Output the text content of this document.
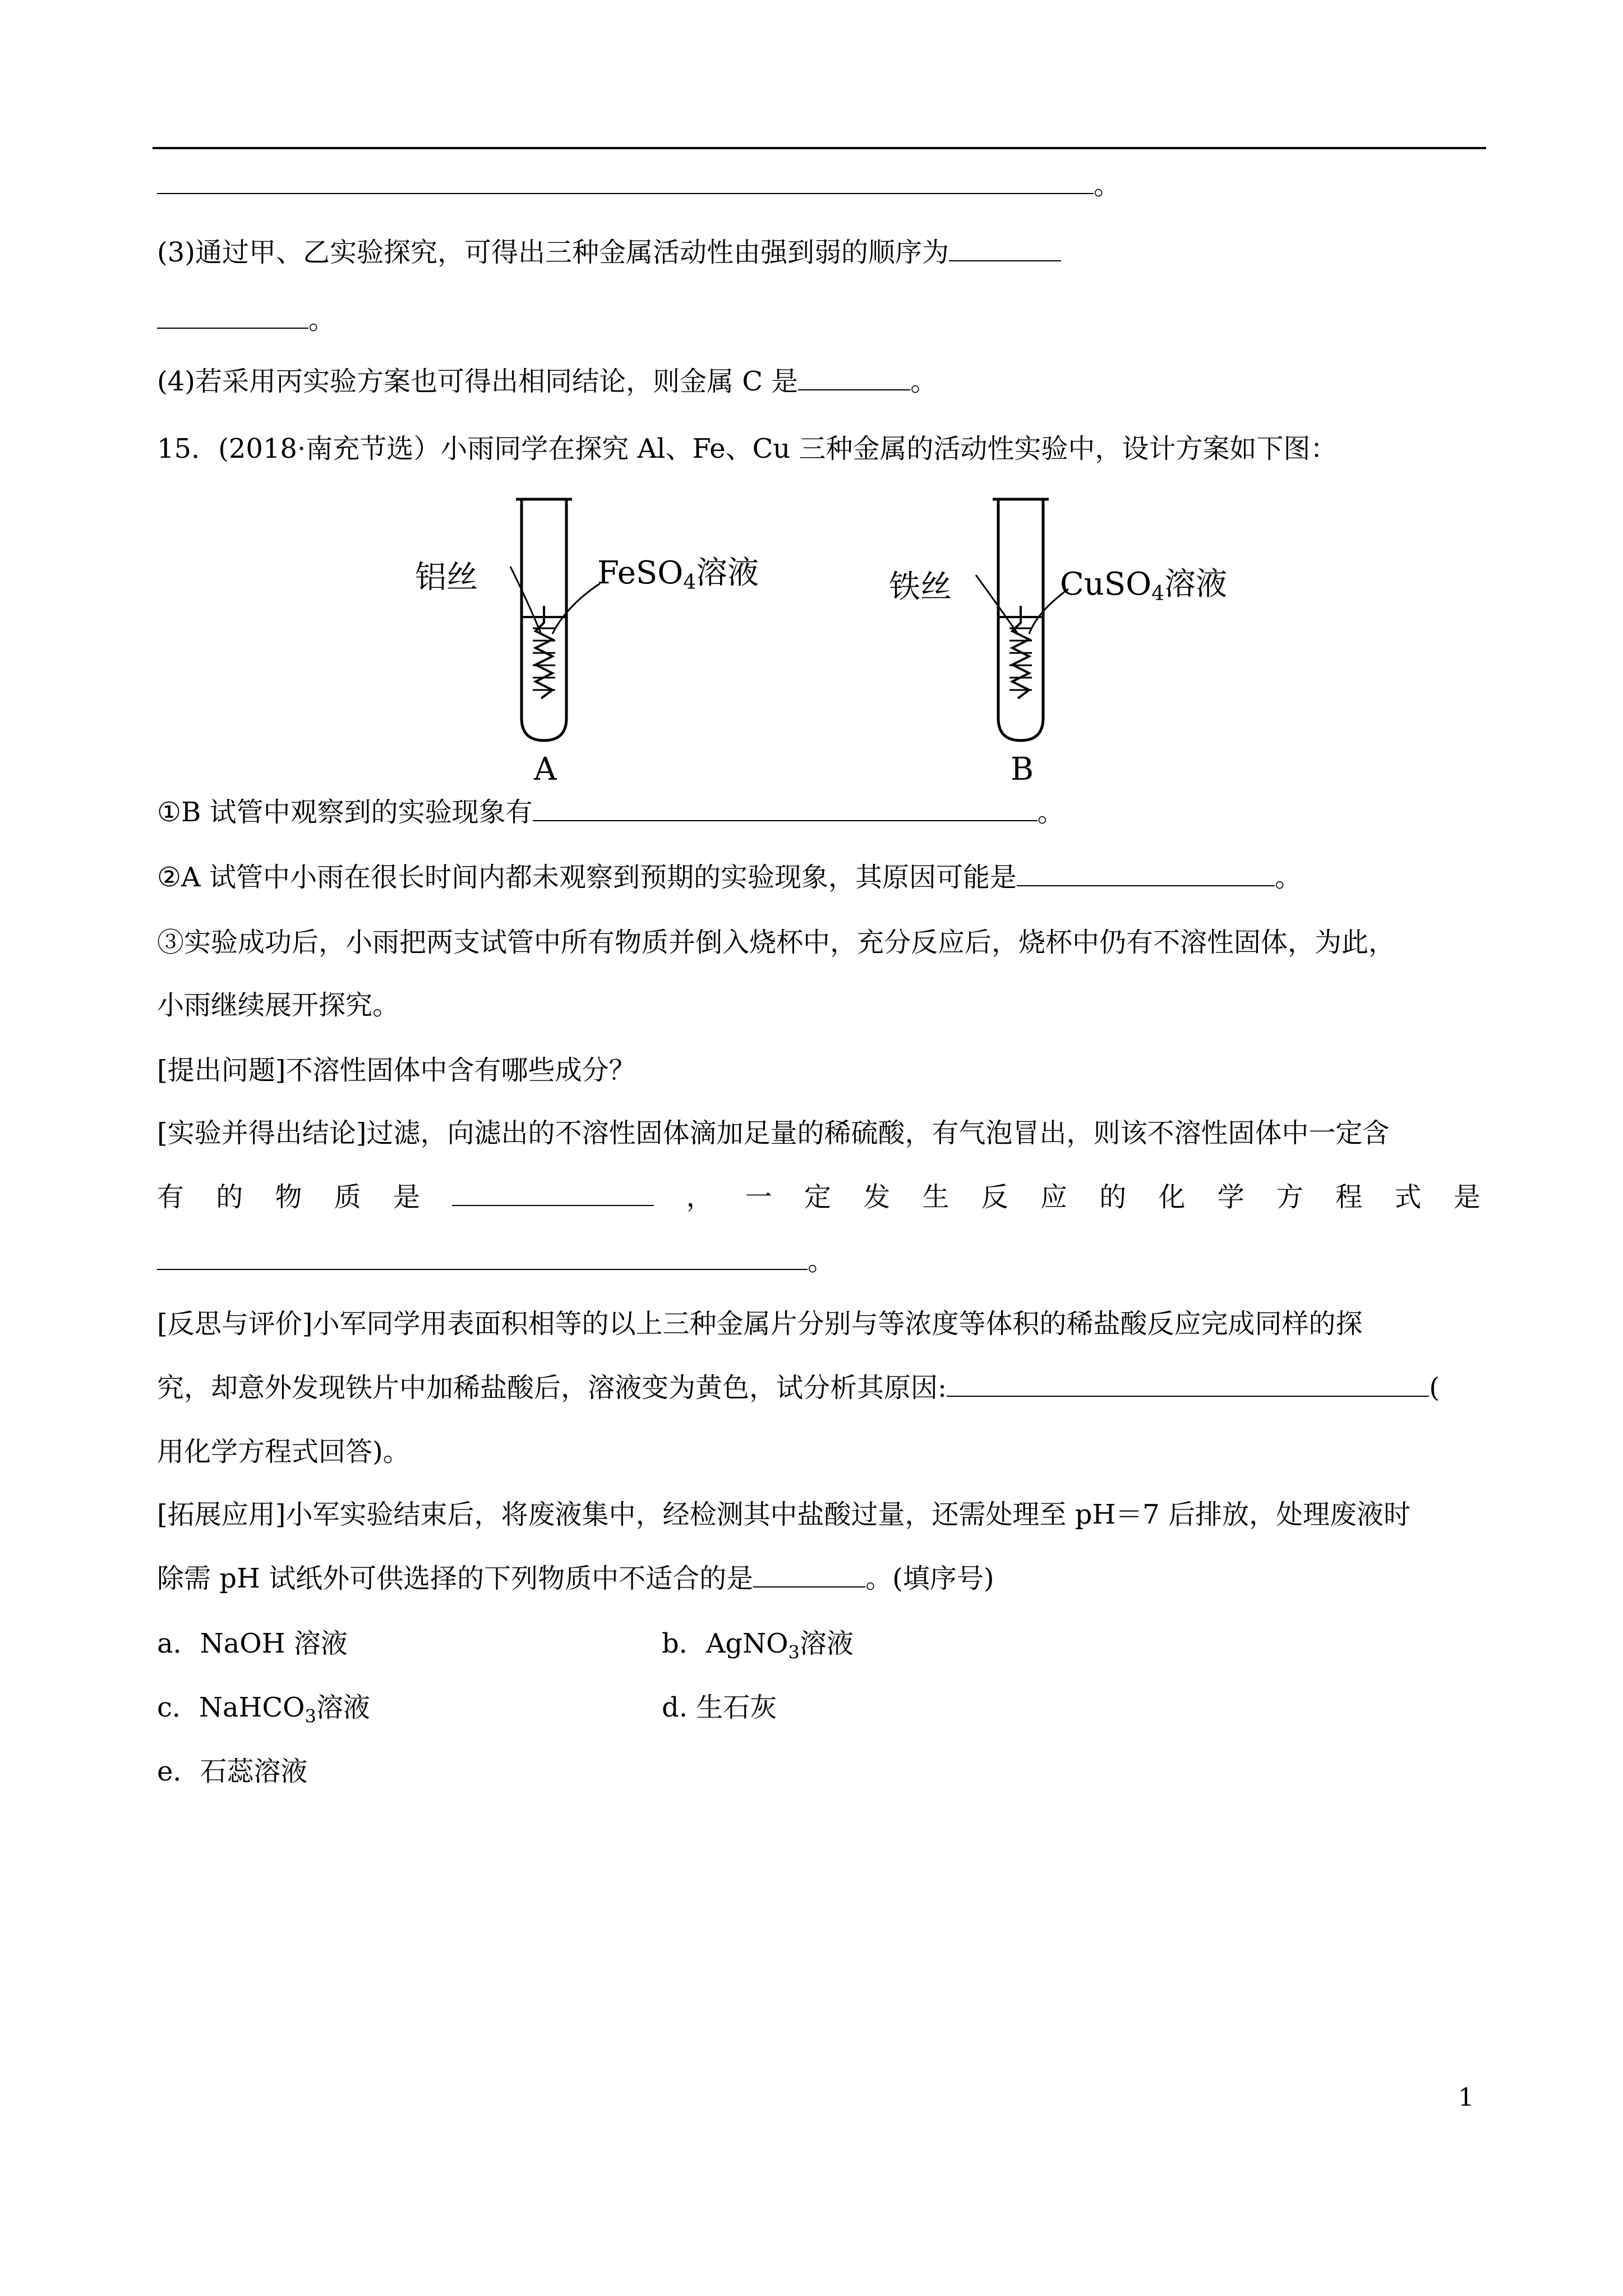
。
(3)通过甲、乙实验探究，可得出三种金属活动性由强到弱的顺序为
。
(4)若采用丙实验方案也可得出相同结论，则金属 C 是	。
15．(2018·南充节选）小雨同学在探究 Al、Fe、Cu 三种金属的活动性实验中，设计方案如下图：
铝丝	FeSO4溶液
A
铁丝	CuSO4溶液
B
①B 试管中观察到的实验现象有	。
②A 试管中小雨在很长时间内都未观察到预期的实验现象，其原因可能是	。
③实验成功后，小雨把两支试管中所有物质并倒入烧杯中，充分反应后，烧杯中仍有不溶性固体，为此，
小雨继续展开探究。
[提出问题]不溶性固体中含有哪些成分？
[实验并得出结论]过滤，向滤出的不溶性固体滴加足量的稀硫酸，有气泡冒出，则该不溶性固体中一定含
有 的 物 质 是	， 一 定 发 生 反 应 的 化 学 方 程 式 是
。
[反思与评价]小军同学用表面积相等的以上三种金属片分别与等浓度等体积的稀盐酸反应完成同样的探
究，却意外发现铁片中加稀盐酸后，溶液变为黄色，试分析其原因:	(
用化学方程式回答)。
[拓展应用]小军实验结束后，将废液集中，经检测其中盐酸过量，还需处理至 pH＝7 后排放，处理废液时
除需 pH 试纸外可供选择的下列物质中不适合的是	。(填序号)
a．NaOH 溶液	b．AgNO$_3$溶液
c．NaHCO$_3$溶液	d. 生石灰
e．石蕊溶液
1
